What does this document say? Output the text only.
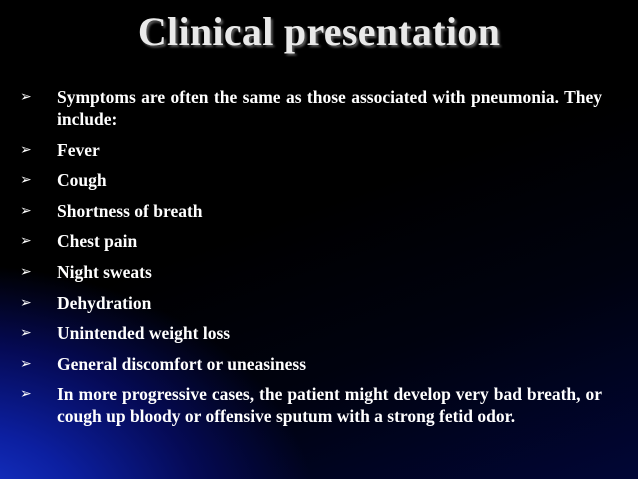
Clinical presentation
➢ Symptoms are often the same as those associated with pneumonia. They include:
➢ Fever
➢ Cough
➢ Shortness of breath
➢ Chest pain
➢ Night sweats
➢ Dehydration
➢ Unintended weight loss
➢ General discomfort or uneasiness
➢ In more progressive cases, the patient might develop very bad breath, or cough up bloody or offensive sputum with a strong fetid odor.
